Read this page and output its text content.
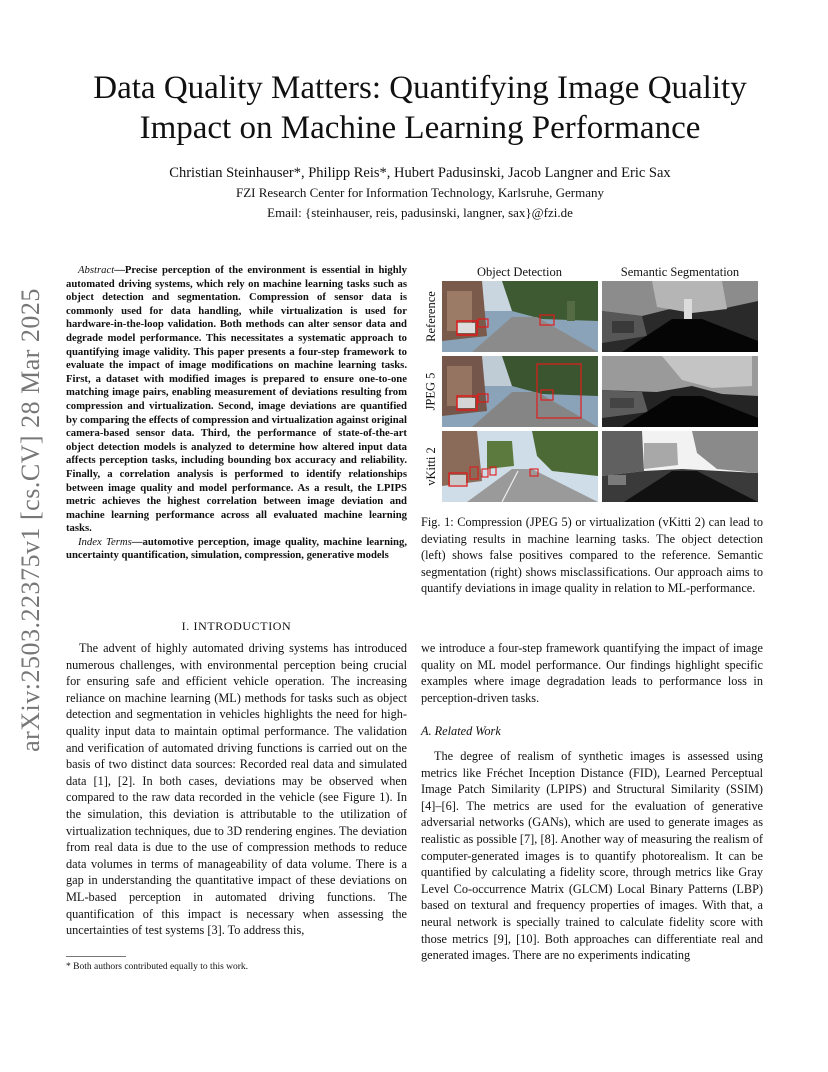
arXiv:2503.22375v1 [cs.CV] 28 Mar 2025
Data Quality Matters: Quantifying Image Quality
Impact on Machine Learning Performance
Christian Steinhauser*, Philipp Reis*, Hubert Padusinski, Jacob Langner and Eric Sax
FZI Research Center for Information Technology, Karlsruhe, Germany
Email: {steinhauser, reis, padusinski, langner, sax}@fzi.de

Abstract—Precise perception of the environment is essential in highly automated driving systems, which rely on machine learning tasks such as object detection and segmentation. Compression of sensor data is commonly used for data handling, while virtualization is used for hardware-in-the-loop validation. Both methods can alter sensor data and degrade model performance. This necessitates a systematic approach to quantifying image validity. This paper presents a four-step framework to evaluate the impact of image modifications on machine learning tasks. First, a dataset with modified images is prepared to ensure one-to-one matching image pairs, enabling measurement of deviations resulting from compression and virtualization. Second, image deviations are quantified by comparing the effects of compression and virtualization against original camera-based sensor data. Third, the performance of state-of-the-art object detection models is analyzed to determine how altered input data affects perception tasks, including bounding box accuracy and reliability. Finally, a correlation analysis is performed to identify relationships between image quality and model performance. As a result, the LPIPS metric achieves the highest correlation between image deviation and machine learning performance across all evaluated machine learning tasks.

Index Terms—automotive perception, image quality, machine learning, uncertainty quantification, simulation, compression, generative models

I. INTRODUCTION

The advent of highly automated driving systems has introduced numerous challenges, with environmental perception being crucial for ensuring safe and efficient vehicle operation. The increasing reliance on machine learning (ML) methods for tasks such as object detection and segmentation in vehicles highlights the need for high-quality input data to maintain optimal performance. The validation and verification of automated driving functions is carried out on the basis of two distinct data sources: Recorded real data and simulated data [1], [2]. In both cases, deviations may be observed when compared to the raw data recorded in the vehicle (see Figure 1). In the simulation, this deviation is attributable to the utilization of virtualization techniques, due to 3D rendering engines. The deviation from real data is due to the use of compression methods to reduce data volumes in terms of manageability of data volume. There is a gap in understanding the quantitative impact of these deviations on ML-based perception in automated driving functions. The quantification of this impact is necessary when assessing the uncertainties of test systems [3]. To address this,

* Both authors contributed equally to this work.
Object Detection	Semantic Segmentation
Reference
JPEG 5
vKitti 2

Fig. 1: Compression (JPEG 5) or virtualization (vKitti 2) can lead to deviating results in machine learning tasks. The object detection (left) shows false positives compared to the reference. Semantic segmentation (right) shows misclassifications. Our approach aims to quantify deviations in image quality in relation to ML-performance.

we introduce a four-step framework quantifying the impact of image quality on ML model performance. Our findings highlight specific examples where image degradation leads to performance loss in perception-driven tasks.

A. Related Work

The degree of realism of synthetic images is assessed using metrics like Fréchet Inception Distance (FID), Learned Perceptual Image Patch Similarity (LPIPS) and Structural Similarity (SSIM) [4]–[6]. The metrics are used for the evaluation of generative adversarial networks (GANs), which are used to generate images as realistic as possible [7], [8]. Another way of measuring the realism of computer-generated images is to quantify photorealism. It can be quantified by calculating a fidelity score, through metrics like Gray Level Co-occurrence Matrix (GLCM) Local Binary Patterns (LBP) based on textural and frequency properties of images. With that, a neural network is specially trained to calculate fidelity score with those metrics [9], [10]. Both approaches can differentiate real and generated images. There are no experiments indicating
